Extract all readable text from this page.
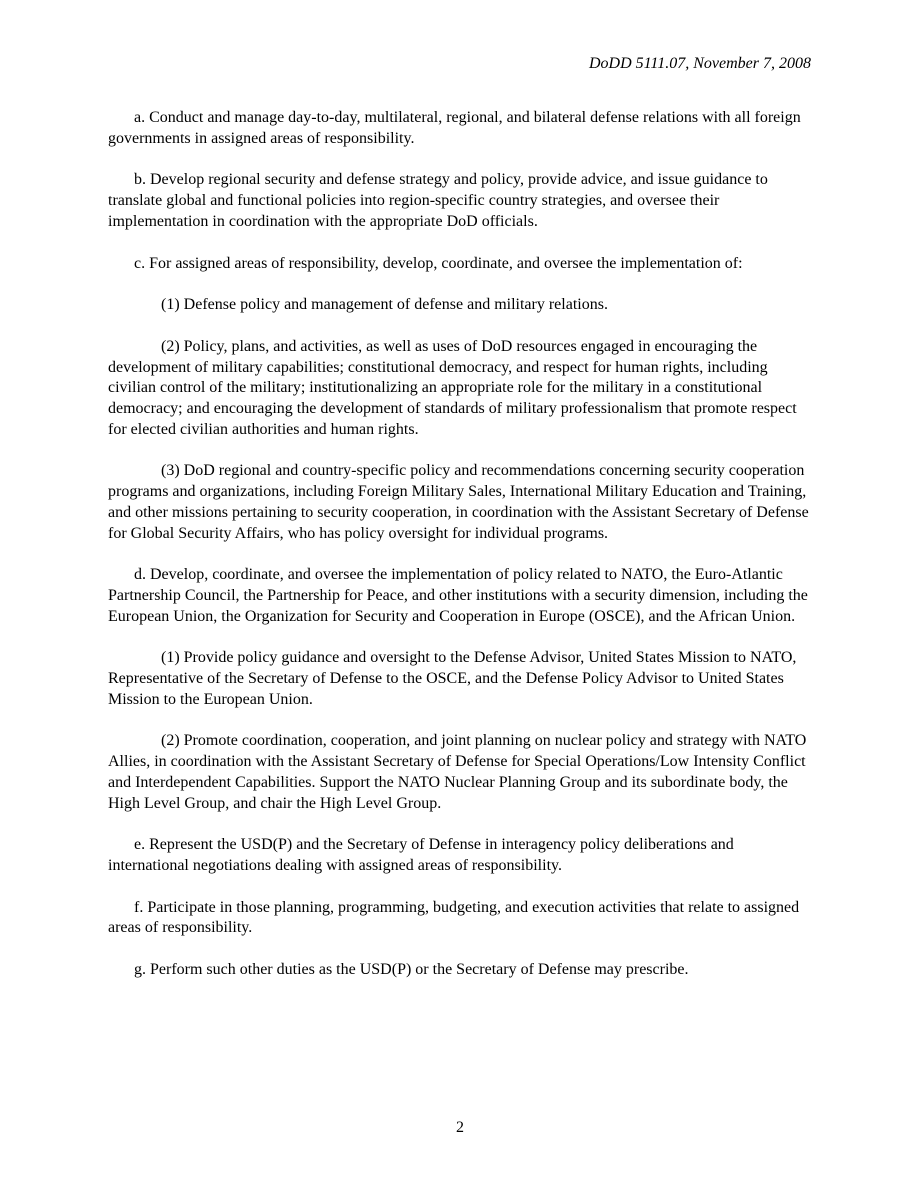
DoDD 5111.07, November 7, 2008

a. Conduct and manage day-to-day, multilateral, regional, and bilateral defense relations with all foreign governments in assigned areas of responsibility.

b. Develop regional security and defense strategy and policy, provide advice, and issue guidance to translate global and functional policies into region-specific country strategies, and oversee their implementation in coordination with the appropriate DoD officials.

c. For assigned areas of responsibility, develop, coordinate, and oversee the implementation of:

(1) Defense policy and management of defense and military relations.

(2) Policy, plans, and activities, as well as uses of DoD resources engaged in encouraging the development of military capabilities; constitutional democracy, and respect for human rights, including civilian control of the military; institutionalizing an appropriate role for the military in a constitutional democracy; and encouraging the development of standards of military professionalism that promote respect for elected civilian authorities and human rights.

(3) DoD regional and country-specific policy and recommendations concerning security cooperation programs and organizations, including Foreign Military Sales, International Military Education and Training, and other missions pertaining to security cooperation, in coordination with the Assistant Secretary of Defense for Global Security Affairs, who has policy oversight for individual programs.

d. Develop, coordinate, and oversee the implementation of policy related to NATO, the Euro-Atlantic Partnership Council, the Partnership for Peace, and other institutions with a security dimension, including the European Union, the Organization for Security and Cooperation in Europe (OSCE), and the African Union.

(1) Provide policy guidance and oversight to the Defense Advisor, United States Mission to NATO, Representative of the Secretary of Defense to the OSCE, and the Defense Policy Advisor to United States Mission to the European Union.

(2) Promote coordination, cooperation, and joint planning on nuclear policy and strategy with NATO Allies, in coordination with the Assistant Secretary of Defense for Special Operations/Low Intensity Conflict and Interdependent Capabilities. Support the NATO Nuclear Planning Group and its subordinate body, the High Level Group, and chair the High Level Group.

e. Represent the USD(P) and the Secretary of Defense in interagency policy deliberations and international negotiations dealing with assigned areas of responsibility.

f. Participate in those planning, programming, budgeting, and execution activities that relate to assigned areas of responsibility.

g. Perform such other duties as the USD(P) or the Secretary of Defense may prescribe.

2
